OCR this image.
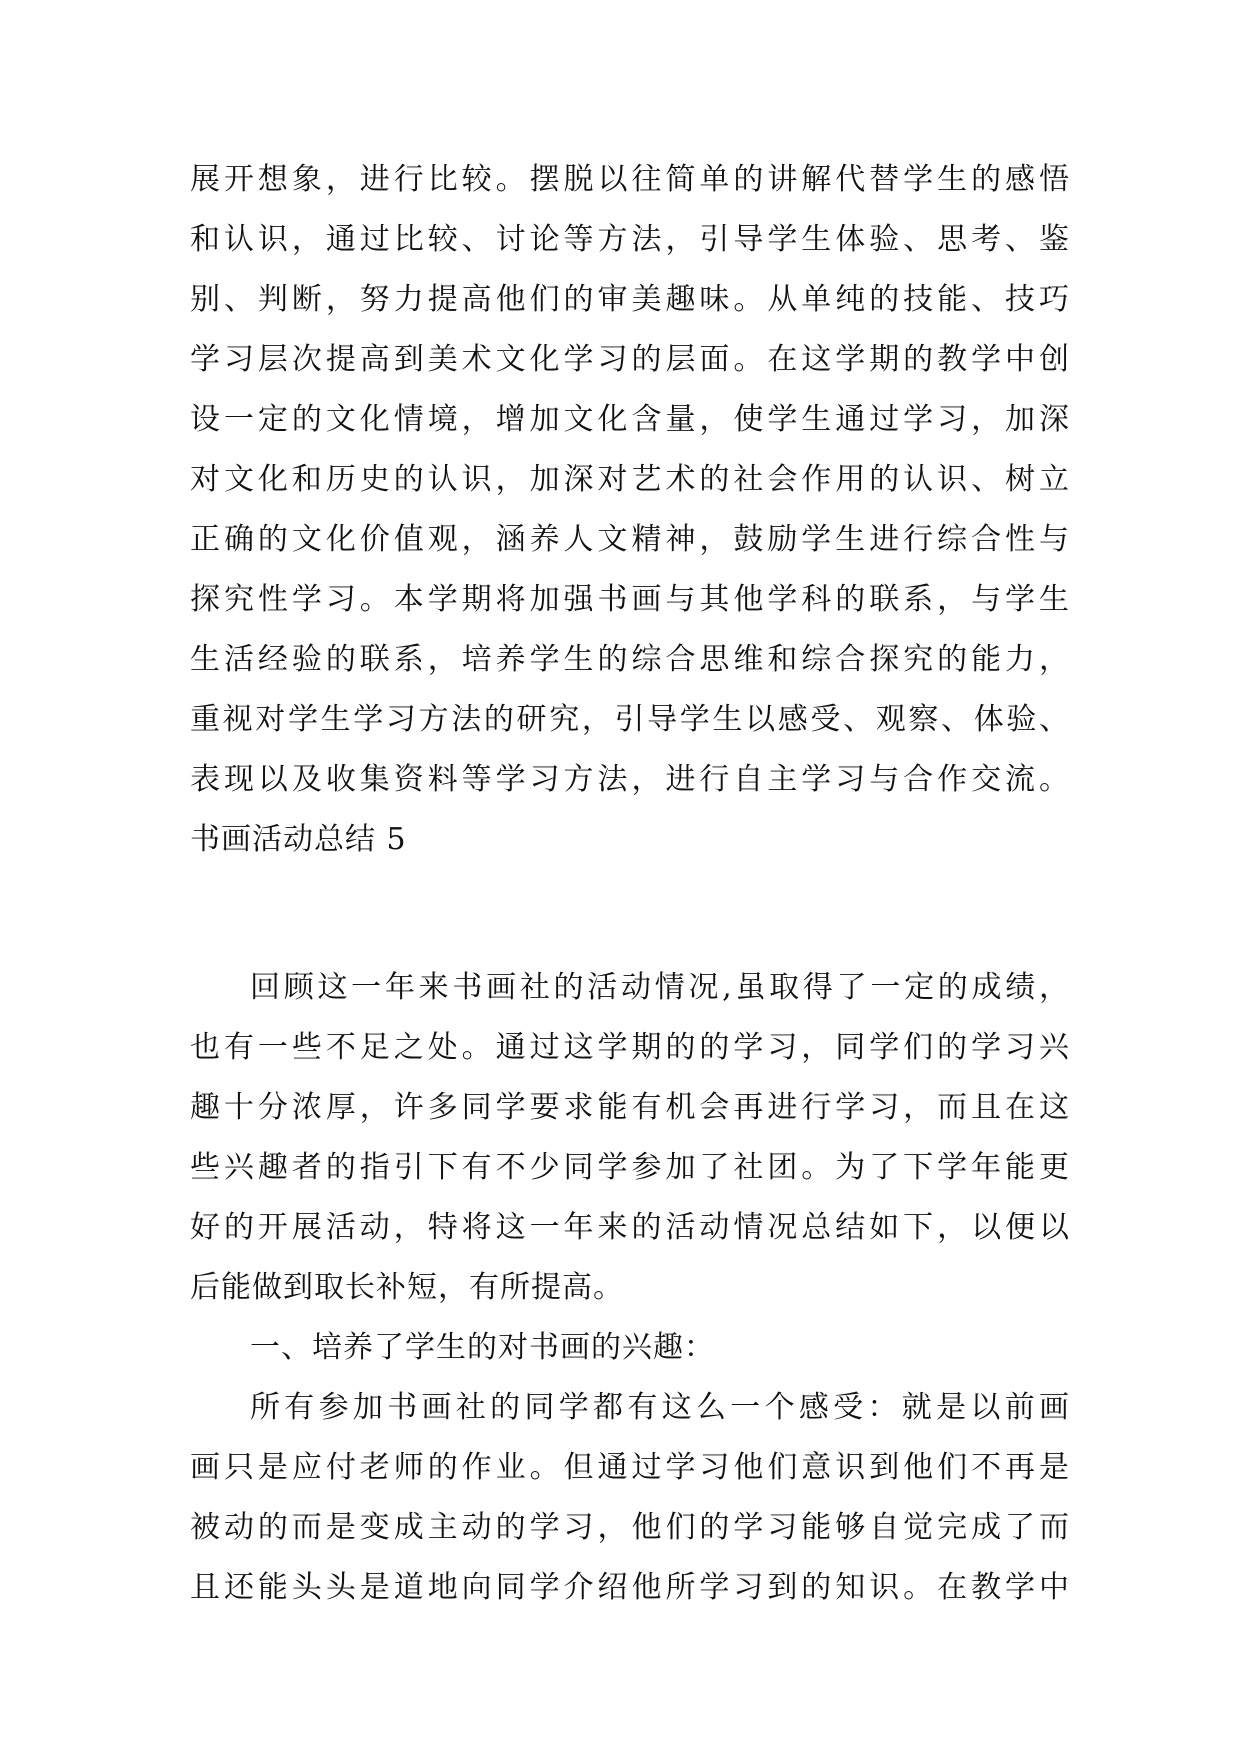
展开想象，进行比较。摆脱以往简单的讲解代替学生的感悟
和认识，通过比较、讨论等方法，引导学生体验、思考、鉴
别、判断，努力提高他们的审美趣味。从单纯的技能、技巧
学习层次提高到美术文化学习的层面。在这学期的教学中创
设一定的文化情境，增加文化含量，使学生通过学习，加深
对文化和历史的认识，加深对艺术的社会作用的认识、树立
正确的文化价值观，涵养人文精神，鼓励学生进行综合性与
探究性学习。本学期将加强书画与其他学科的联系，与学生
生活经验的联系，培养学生的综合思维和综合探究的能力，
重视对学生学习方法的研究，引导学生以感受、观察、体验、
表现以及收集资料等学习方法，进行自主学习与合作交流。
书画活动总结 5
回顾这一年来书画社的活动情况,虽取得了一定的成绩，
也有一些不足之处。通过这学期的的学习，同学们的学习兴
趣十分浓厚，许多同学要求能有机会再进行学习，而且在这
些兴趣者的指引下有不少同学参加了社团。为了下学年能更
好的开展活动，特将这一年来的活动情况总结如下，以便以
后能做到取长补短，有所提高。
一、培养了学生的对书画的兴趣：
所有参加书画社的同学都有这么一个感受：就是以前画
画只是应付老师的作业。但通过学习他们意识到他们不再是
被动的而是变成主动的学习，他们的学习能够自觉完成了而
且还能头头是道地向同学介绍他所学习到的知识。在教学中
